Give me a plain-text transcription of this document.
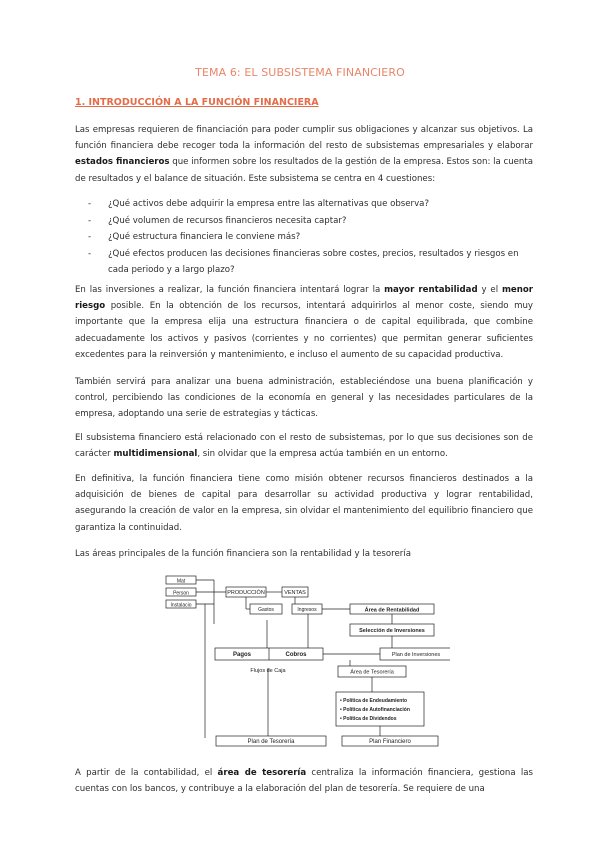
TEMA 6: EL SUBSISTEMA FINANCIERO
1. INTRODUCCIÓN A LA FUNCIÓN FINANCIERA
Las empresas requieren de financiación para poder cumplir sus obligaciones y alcanzar sus objetivos. La función financiera debe recoger toda la información del resto de subsistemas empresariales y elaborar estados financieros que informen sobre los resultados de la gestión de la empresa. Estos son: la cuenta de resultados y el balance de situación. Este subsistema se centra en 4 cuestiones:
- ¿Qué activos debe adquirir la empresa entre las alternativas que observa?
- ¿Qué volumen de recursos financieros necesita captar?
- ¿Qué estructura financiera le conviene más?
- ¿Qué efectos producen las decisiones financieras sobre costes, precios, resultados y riesgos en cada periodo y a largo plazo?
En las inversiones a realizar, la función financiera intentará lograr la mayor rentabilidad y el menor riesgo posible. En la obtención de los recursos, intentará adquirirlos al menor coste, siendo muy importante que la empresa elija una estructura financiera o de capital equilibrada, que combine adecuadamente los activos y pasivos (corrientes y no corrientes) que permitan generar suficientes excedentes para la reinversión y mantenimiento, e incluso el aumento de su capacidad productiva.
También servirá para analizar una buena administración, estableciéndose una buena planificación y control, percibiendo las condiciones de la economía en general y las necesidades particulares de la empresa, adoptando una serie de estrategias y tácticas.
El subsistema financiero está relacionado con el resto de subsistemas, por lo que sus decisiones son de carácter multidimensional, sin olvidar que la empresa actúa también en un entorno.
En definitiva, la función financiera tiene como misión obtener recursos financieros destinados a la adquisición de bienes de capital para desarrollar su actividad productiva y lograr rentabilidad, asegurando la creación de valor en la empresa, sin olvidar el mantenimiento del equilibrio financiero que garantiza la continuidad.
Las áreas principales de la función financiera son la rentabilidad y la tesorería
Mat
Person
Instalacio
PRODUCCIÓN	VENTAS
Gastos	Ingresos	Área de Rentabilidad
Selección de Inversiones
Plan de Inversiones
Pagos	Cobros
Flujos de Caja	Área de Tesorería
• Política de Endeudamiento
• Política de Autofinanciación
• Política de Dividendos
Plan de Tesorería	Plan Financiero
A partir de la contabilidad, el área de tesorería centraliza la información financiera, gestiona las cuentas con los bancos, y contribuye a la elaboración del plan de tesorería. Se requiere de una
